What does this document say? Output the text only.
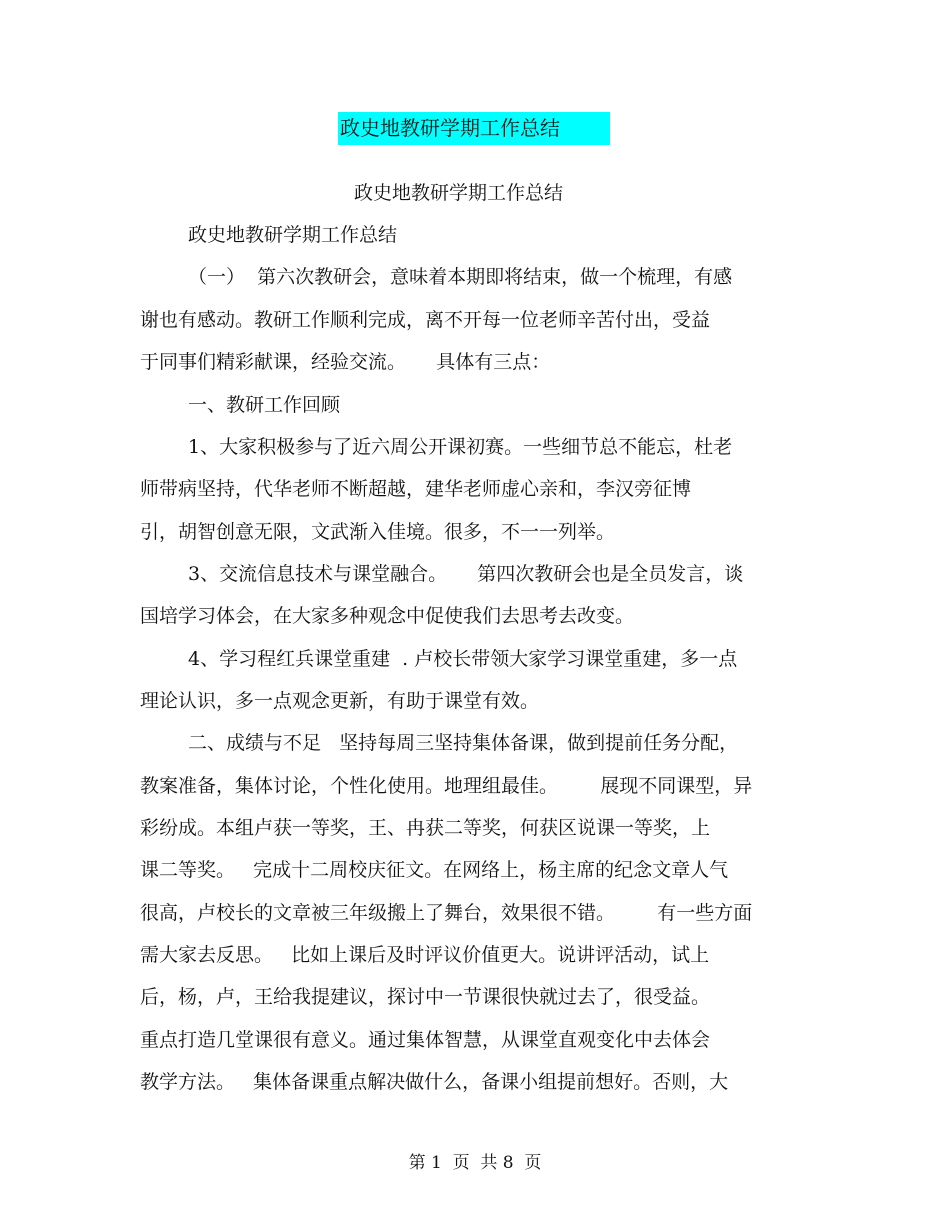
政史地教研学期工作总结
政史地教研学期工作总结
政史地教研学期工作总结
（一）  第六次教研会，意味着本期即将结束，做一个梳理，有感
谢也有感动。教研工作顺利完成，离不开每一位老师辛苦付出，受益
于同事们精彩献课，经验交流。     具体有三点：
一、教研工作回顾
1、大家积极参与了近六周公开课初赛。一些细节总不能忘，杜老
师带病坚持，代华老师不断超越，建华老师虚心亲和，李汉旁征博
引，胡智创意无限，文武渐入佳境。很多，不一一列举。
3、交流信息技术与课堂融合。     第四次教研会也是全员发言，谈
国培学习体会，在大家多种观念中促使我们去思考去改变。
4、学习程红兵课堂重建  . 卢校长带领大家学习课堂重建，多一点
理论认识，多一点观念更新，有助于课堂有效。
二、成绩与不足   坚持每周三坚持集体备课，做到提前任务分配，
教案准备，集体讨论，个性化使用。地理组最佳。       展现不同课型，异
彩纷成。本组卢获一等奖，王、冉获二等奖，何获区说课一等奖，上
课二等奖。   完成十二周校庆征文。在网络上，杨主席的纪念文章人气
很高，卢校长的文章被三年级搬上了舞台，效果很不错。       有一些方面
需大家去反思。   比如上课后及时评议价值更大。说讲评活动，试上
后，杨，卢，王给我提建议，探讨中一节课很快就过去了，很受益。
重点打造几堂课很有意义。通过集体智慧，从课堂直观变化中去体会
教学方法。   集体备课重点解决做什么，备课小组提前想好。否则，大
第 1  页  共 8  页
